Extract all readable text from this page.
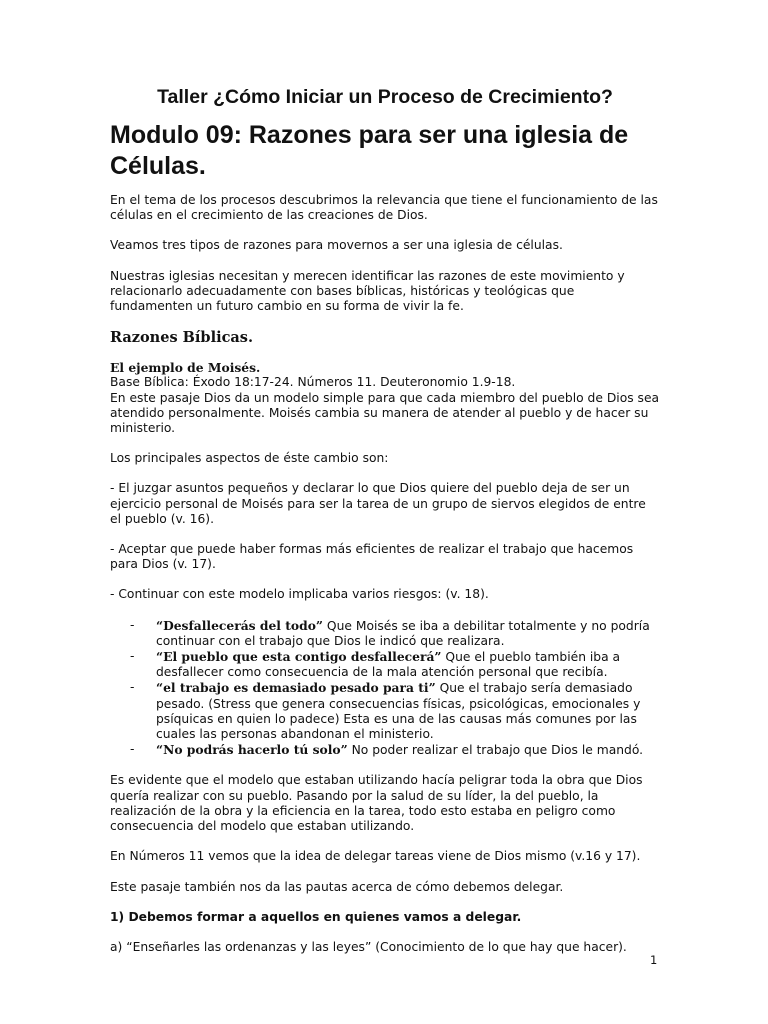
Taller ¿Cómo Iniciar un Proceso de Crecimiento?
Modulo 09: Razones para ser una iglesia de Células.

En el tema de los procesos descubrimos la relevancia que tiene el funcionamiento de las células en el crecimiento de las creaciones de Dios.

Veamos tres tipos de razones para movernos a ser una iglesia de células.

Nuestras iglesias necesitan y merecen identificar las razones de este movimiento y relacionarlo adecuadamente con bases bíblicas, históricas y teológicas que fundamenten un futuro cambio en su forma de vivir la fe.

Razones Bíblicas.
El ejemplo de Moisés.

Base Bíblica: Éxodo 18:17-24. Números 11. Deuteronomio 1.9-18.

En este pasaje Dios da un modelo simple para que cada miembro del pueblo de Dios sea atendido personalmente. Moisés cambia su manera de atender al pueblo y de hacer su ministerio.

Los principales aspectos de éste cambio son:

- El juzgar asuntos pequeños y declarar lo que Dios quiere del pueblo deja de ser un ejercicio personal de Moisés para ser la tarea de un grupo de siervos elegidos de entre el pueblo (v. 16).

- Aceptar que puede haber formas más eficientes de realizar el trabajo que hacemos para Dios (v. 17).

- Continuar con este modelo implicaba varios riesgos: (v. 18).

- “Desfallecerás del todo” Que Moisés se iba a debilitar totalmente y no podría continuar con el trabajo que Dios le indicó que realizara.
- “El pueblo que esta contigo desfallecerá” Que el pueblo también iba a desfallecer como consecuencia de la mala atención personal que recibía.
- “el trabajo es demasiado pesado para ti” Que el trabajo sería demasiado pesado. (Stress que genera consecuencias físicas, psicológicas, emocionales y psíquicas en quien lo padece) Esta es una de las causas más comunes por las cuales las personas abandonan el ministerio.
- “No podrás hacerlo tú solo” No poder realizar el trabajo que Dios le mandó.

Es evidente que el modelo que estaban utilizando hacía peligrar toda la obra que Dios quería realizar con su pueblo. Pasando por la salud de su líder, la del pueblo, la realización de la obra y la eficiencia en la tarea, todo esto estaba en peligro como consecuencia del modelo que estaban utilizando.

En Números 11 vemos que la idea de delegar tareas viene de Dios mismo (v.16 y 17).

Este pasaje también nos da las pautas acerca de cómo debemos delegar.

1) Debemos formar a aquellos en quienes vamos a delegar.

a) “Enseñarles las ordenanzas y las leyes” (Conocimiento de lo que hay que hacer).

1
